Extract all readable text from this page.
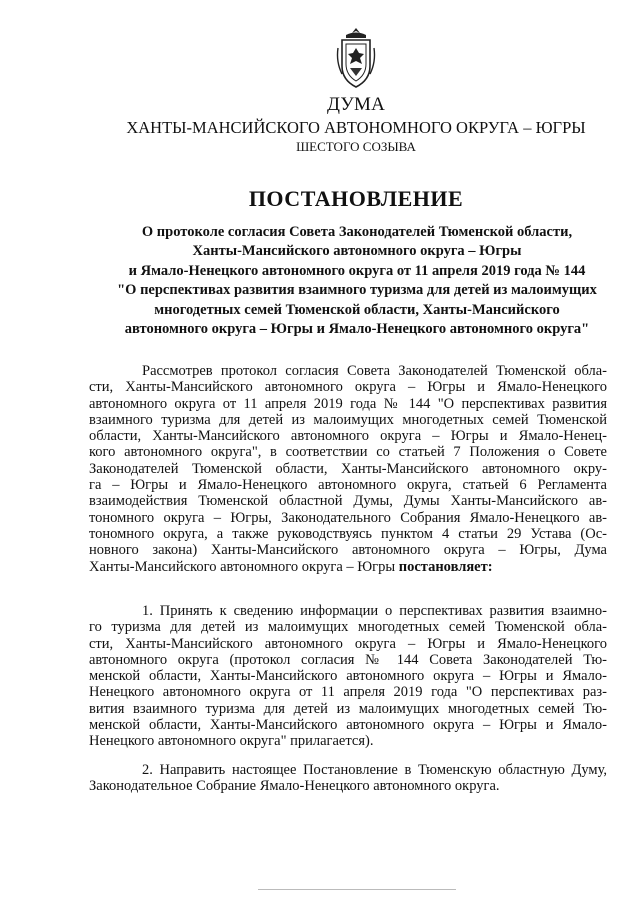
ДУМА
ХАНТЫ-МАНСИЙСКОГО АВТОНОМНОГО ОКРУГА – ЮГРЫ
ШЕСТОГО СОЗЫВА
ПОСТАНОВЛЕНИЕ
О протоколе согласия Совета Законодателей Тюменской области,
Ханты-Мансийского автономного округа – Югры
и Ямало-Ненецкого автономного округа от 11 апреля 2019 года № 144
"О перспективах развития взаимного туризма для детей из малоимущих
многодетных семей Тюменской области, Ханты-Мансийского
автономного округа – Югры и Ямало-Ненецкого автономного округа"
Рассмотрев протокол согласия Совета Законодателей Тюменской обла-
сти, Ханты-Мансийского автономного округа – Югры и Ямало-Ненецкого
автономного округа от 11 апреля 2019 года № 144 "О перспективах развития
взаимного туризма для детей из малоимущих многодетных семей Тюменской
области, Ханты-Мансийского автономного округа – Югры и Ямало-Ненец-
кого автономного округа", в соответствии со статьей 7 Положения о Совете
Законодателей Тюменской области, Ханты-Мансийского автономного окру-
га – Югры и Ямало-Ненецкого автономного округа, статьей 6 Регламента
взаимодействия Тюменской областной Думы, Думы Ханты-Мансийского ав-
тономного округа – Югры, Законодательного Собрания Ямало-Ненецкого ав-
тономного округа, а также руководствуясь пунктом 4 статьи 29 Устава (Ос-
новного закона) Ханты-Мансийского автономного округа – Югры, Дума
Ханты-Мансийского автономного округа – Югры постановляет:
1. Принять к сведению информации о перспективах развития взаимно-
го туризма для детей из малоимущих многодетных семей Тюменской обла-
сти, Ханты-Мансийского автономного округа – Югры и Ямало-Ненецкого
автономного округа (протокол согласия № 144 Совета Законодателей Тю-
менской области, Ханты-Мансийского автономного округа – Югры и Ямало-
Ненецкого автономного округа от 11 апреля 2019 года "О перспективах раз-
вития взаимного туризма для детей из малоимущих многодетных семей Тю-
менской области, Ханты-Мансийского автономного округа – Югры и Ямало-
Ненецкого автономного округа" прилагается).
2. Направить настоящее Постановление в Тюменскую областную Думу,
Законодательное Собрание Ямало-Ненецкого автономного округа.
